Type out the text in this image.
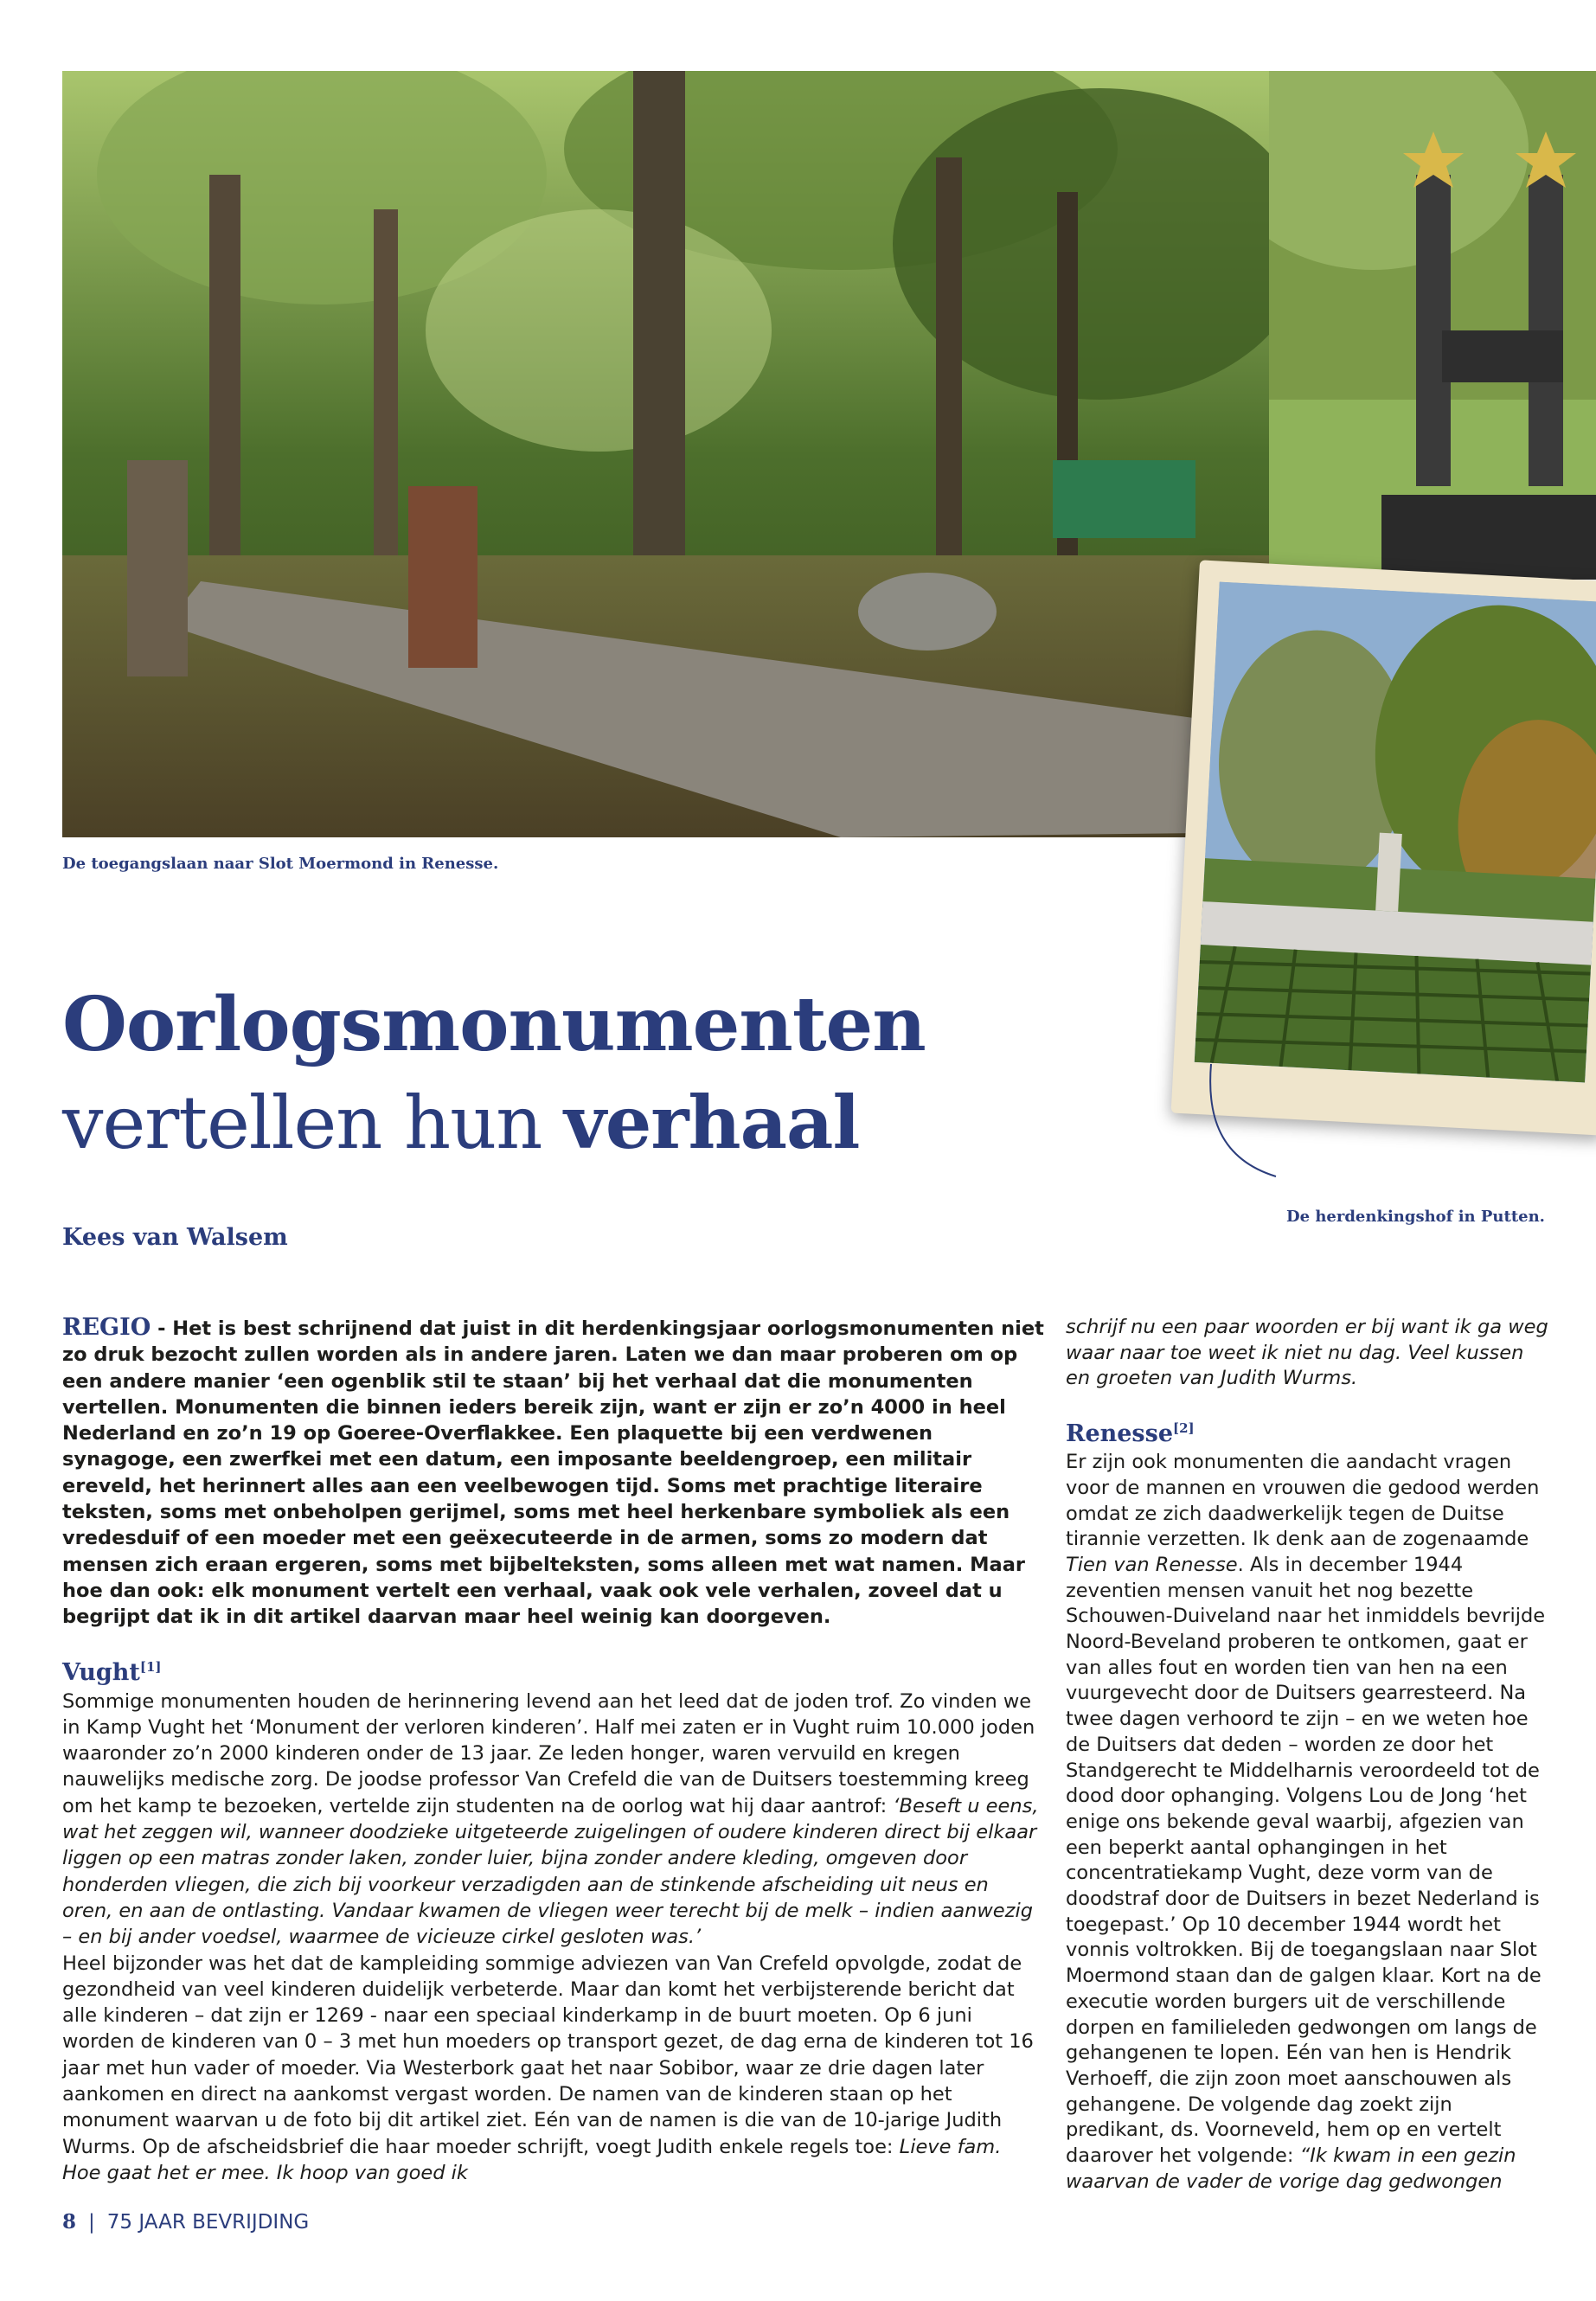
De toegangslaan naar Slot Moermond in Renesse.
De herdenkingshof in Putten.
Oorlogsmonumenten
vertellen hun verhaal
Kees van Walsem

REGIO - Het is best schrijnend dat juist in dit herdenkingsjaar oorlogsmonumenten niet zo druk bezocht zullen worden als in andere jaren. Laten we dan maar proberen om op een andere manier ‘een ogenblik stil te staan’ bij het verhaal dat die monumenten vertellen. Monumenten die binnen ieders bereik zijn, want er zijn er zo’n 4000 in heel Nederland en zo’n 19 op Goeree-Overflakkee. Een plaquette bij een verdwenen synagoge, een zwerfkei met een datum, een imposante beeldengroep, een militair ereveld, het herinnert alles aan een veelbewogen tijd. Soms met prachtige literaire teksten, soms met onbeholpen gerijmel, soms met heel herkenbare symboliek als een vredesduif of een moeder met een geëxecuteerde in de armen, soms zo modern dat mensen zich eraan ergeren, soms met bijbelteksten, soms alleen met wat namen. Maar hoe dan ook: elk monument vertelt een verhaal, vaak ook vele verhalen, zoveel dat u begrijpt dat ik in dit artikel daarvan maar heel weinig kan doorgeven.

Vught[1]

Sommige monumenten houden de herinnering levend aan het leed dat de joden trof. Zo vinden we in Kamp Vught het ‘Monument der verloren kinderen’. Half mei zaten er in Vught ruim 10.000 joden waaronder zo’n 2000 kinderen onder de 13 jaar. Ze leden honger, waren vervuild en kregen nauwelijks medische zorg. De joodse professor Van Crefeld die van de Duitsers toestemming kreeg om het kamp te bezoeken, vertelde zijn studenten na de oorlog wat hij daar aantrof: ‘Beseft u eens, wat het zeggen wil, wanneer doodzieke uitgeteerde zuigelingen of oudere kinderen direct bij elkaar liggen op een matras zonder laken, zonder luier, bijna zonder andere kleding, omgeven door honderden vliegen, die zich bij voorkeur verzadigden aan de stinkende afscheiding uit neus en oren, en aan de ontlasting. Vandaar kwamen de vliegen weer terecht bij de melk – indien aanwezig – en bij ander voedsel, waarmee de vicieuze cirkel gesloten was.’

Heel bijzonder was het dat de kampleiding sommige adviezen van Van Crefeld opvolgde, zodat de gezondheid van veel kinderen duidelijk verbeterde. Maar dan komt het verbijsterende bericht dat alle kinderen – dat zijn er 1269 - naar een speciaal kinderkamp in de buurt moeten. Op 6 juni worden de kinderen van 0 – 3 met hun moeders op transport gezet, de dag erna de kinderen tot 16 jaar met hun vader of moeder. Via Westerbork gaat het naar Sobibor, waar ze drie dagen later aankomen en direct na aankomst vergast worden. De namen van de kinderen staan op het monument waarvan u de foto bij dit artikel ziet. Eén van de namen is die van de 10-jarige Judith Wurms. Op de afscheidsbrief die haar moeder schrijft, voegt Judith enkele regels toe: Lieve fam. Hoe gaat het er mee. Ik hoop van goed ik

schrijf nu een paar woorden er bij want ik ga weg waar naar toe weet ik niet nu dag. Veel kussen en groeten van Judith Wurms.

Renesse[2]

Er zijn ook monumenten die aandacht vragen voor de mannen en vrouwen die gedood werden omdat ze zich daadwerkelijk tegen de Duitse tirannie verzetten. Ik denk aan de zogenaamde Tien van Renesse. Als in december 1944 zeventien mensen vanuit het nog bezette Schouwen-Duiveland naar het inmiddels bevrijde Noord-Beveland proberen te ontkomen, gaat er van alles fout en worden tien van hen na een vuurgevecht door de Duitsers gearresteerd. Na twee dagen verhoord te zijn – en we weten hoe de Duitsers dat deden – worden ze door het Standgerecht te Middelharnis veroordeeld tot de dood door ophanging. Volgens Lou de Jong ‘het enige ons bekende geval waarbij, afgezien van een beperkt aantal ophangingen in het concentratiekamp Vught, deze vorm van de doodstraf door de Duitsers in bezet Nederland is toegepast.’ Op 10 december 1944 wordt het vonnis voltrokken. Bij de toegangslaan naar Slot Moermond staan dan de galgen klaar. Kort na de executie worden burgers uit de verschillende dorpen en familieleden gedwongen om langs de gehangenen te lopen. Eén van hen is Hendrik Verhoeff, die zijn zoon moet aanschouwen als gehangene. De volgende dag zoekt zijn predikant, ds. Voorneveld, hem op en vertelt daarover het volgende: “Ik kwam in een gezin waarvan de vader de vorige dag gedwongen

8 | 75 JAAR BEVRIJDING
